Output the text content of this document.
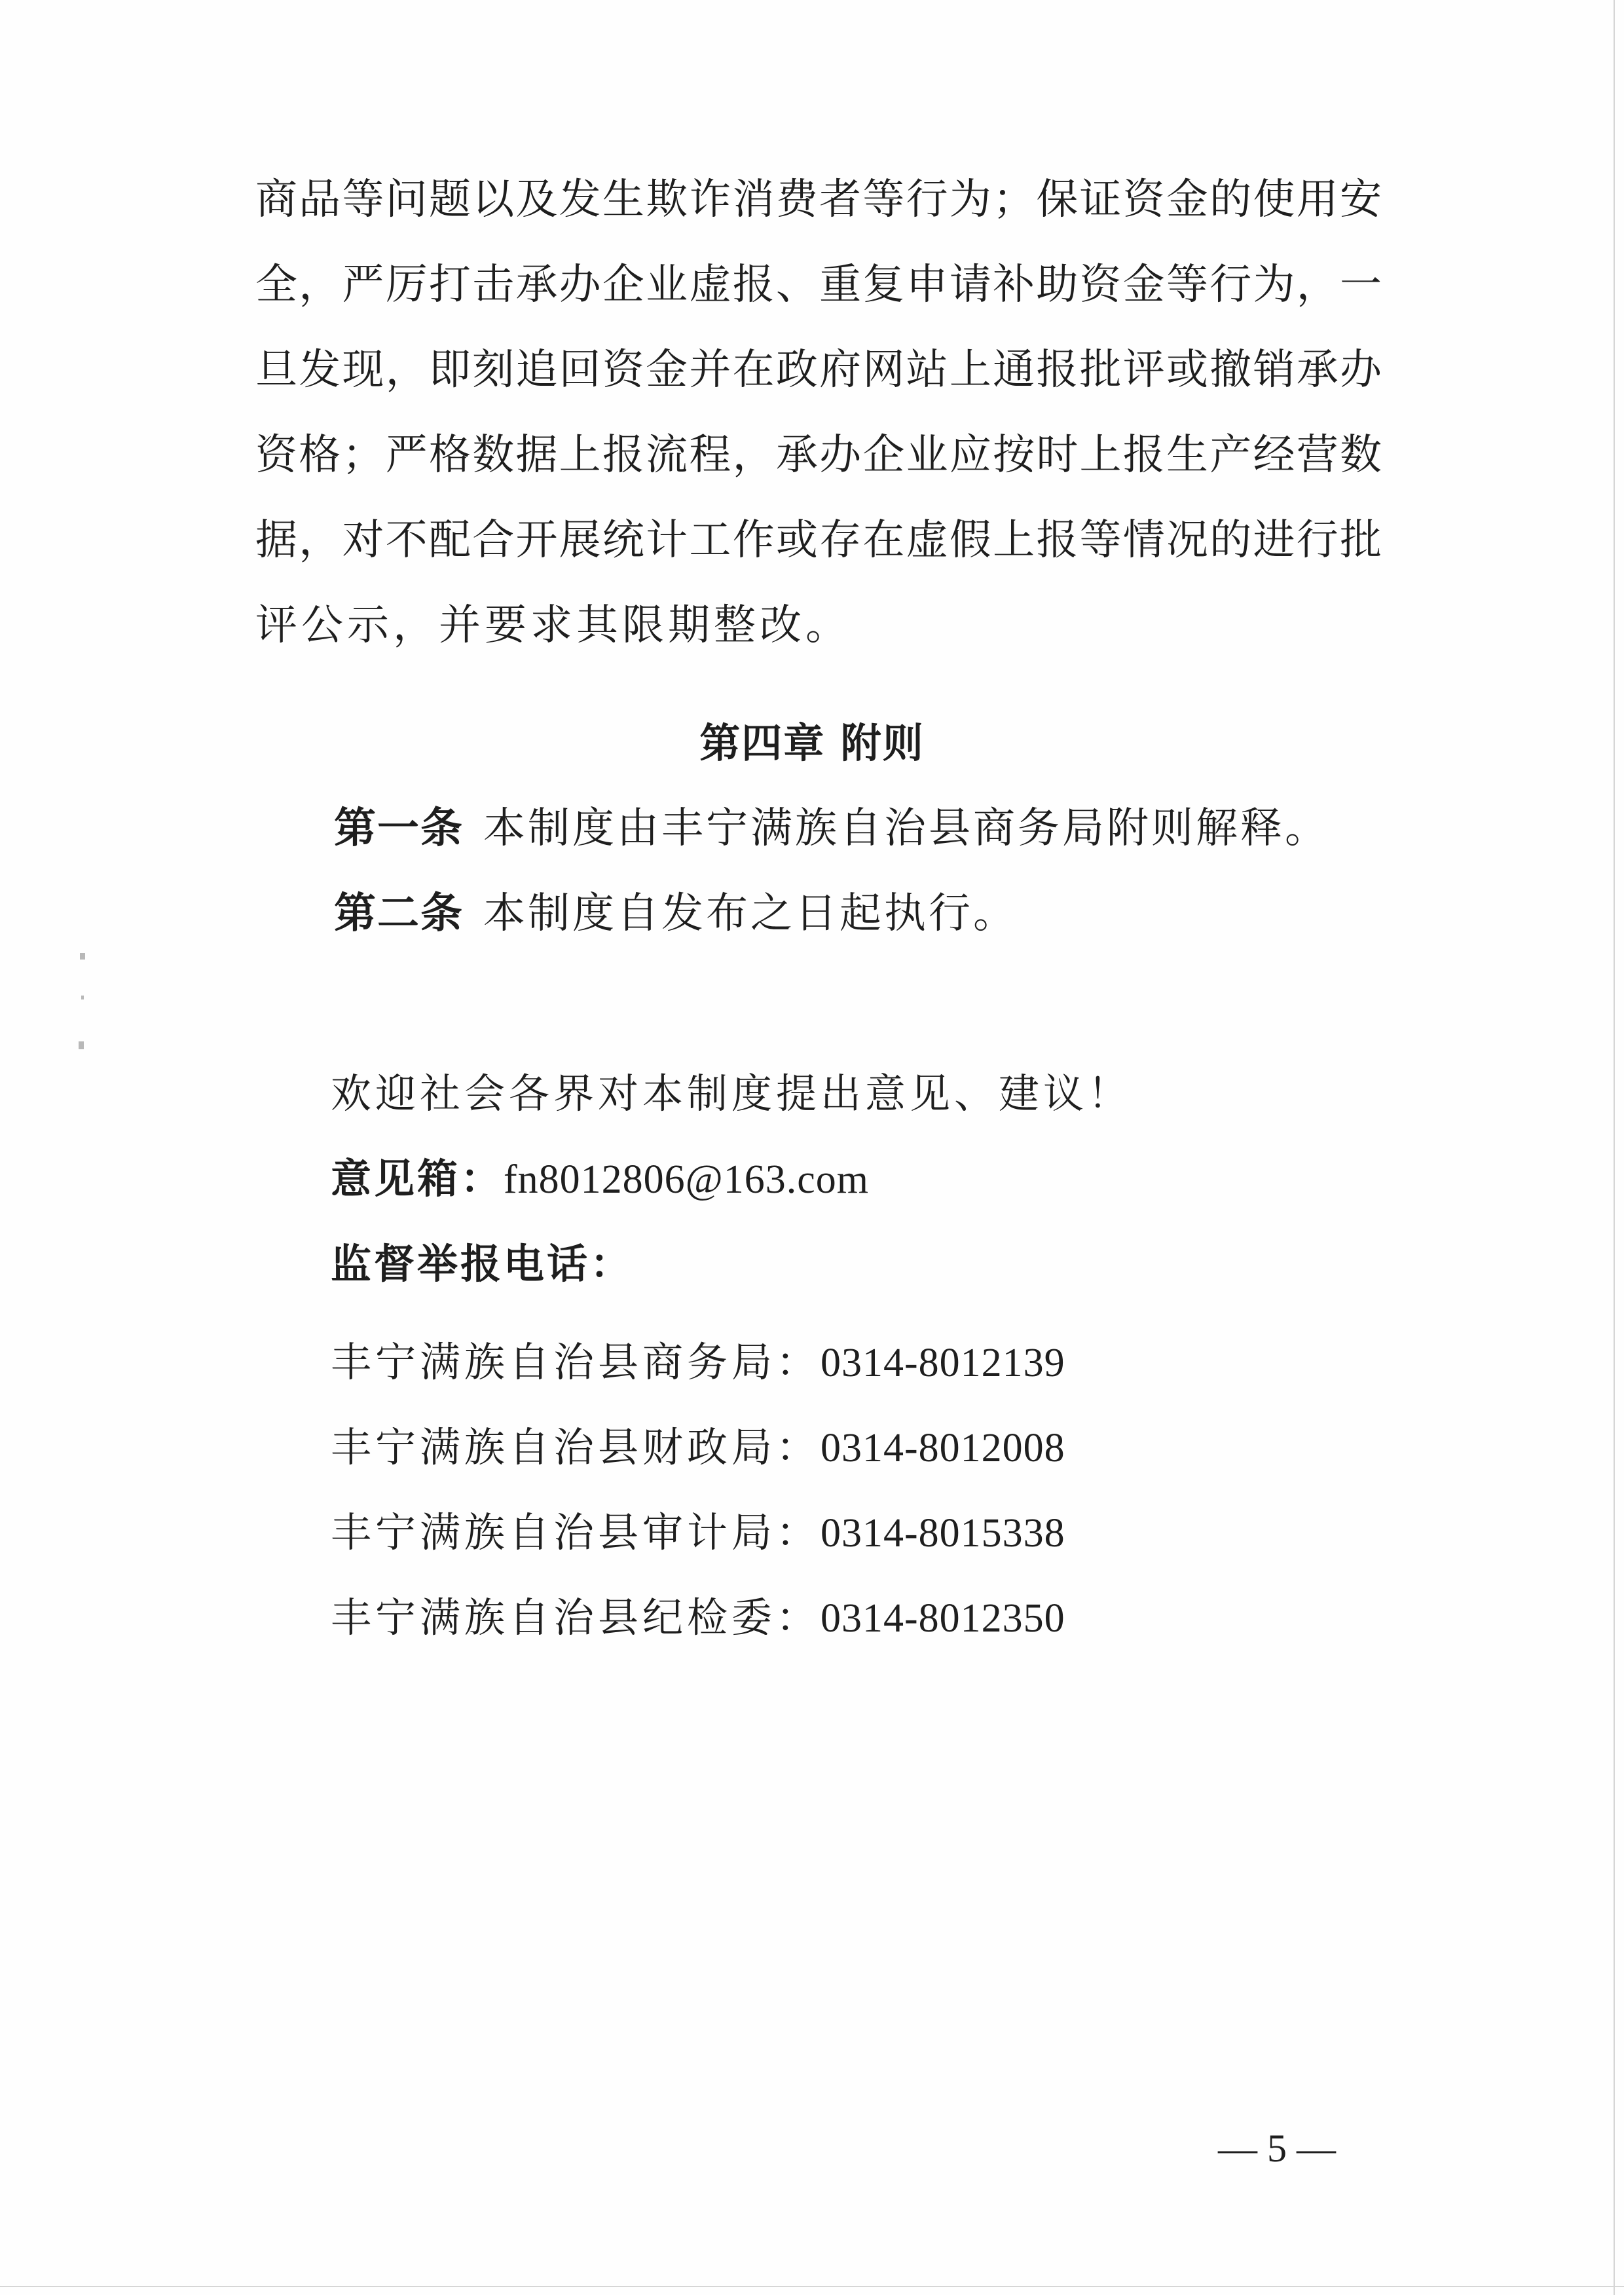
商品等问题以及发生欺诈消费者等行为；保证资金的使用安
全，严厉打击承办企业虚报、重复申请补助资金等行为，一
旦发现，即刻追回资金并在政府网站上通报批评或撤销承办
资格；严格数据上报流程，承办企业应按时上报生产经营数
据，对不配合开展统计工作或存在虚假上报等情况的进行批
评公示，并要求其限期整改。
第四章 附则
第一条 本制度由丰宁满族自治县商务局附则解释。
第二条 本制度自发布之日起执行。
欢迎社会各界对本制度提出意见、建议！
意见箱：fn8012806@163.com
监督举报电话：
丰宁满族自治县商务局：0314-8012139
丰宁满族自治县财政局：0314-8012008
丰宁满族自治县审计局：0314-8015338
丰宁满族自治县纪检委：0314-8012350
— 5 —
